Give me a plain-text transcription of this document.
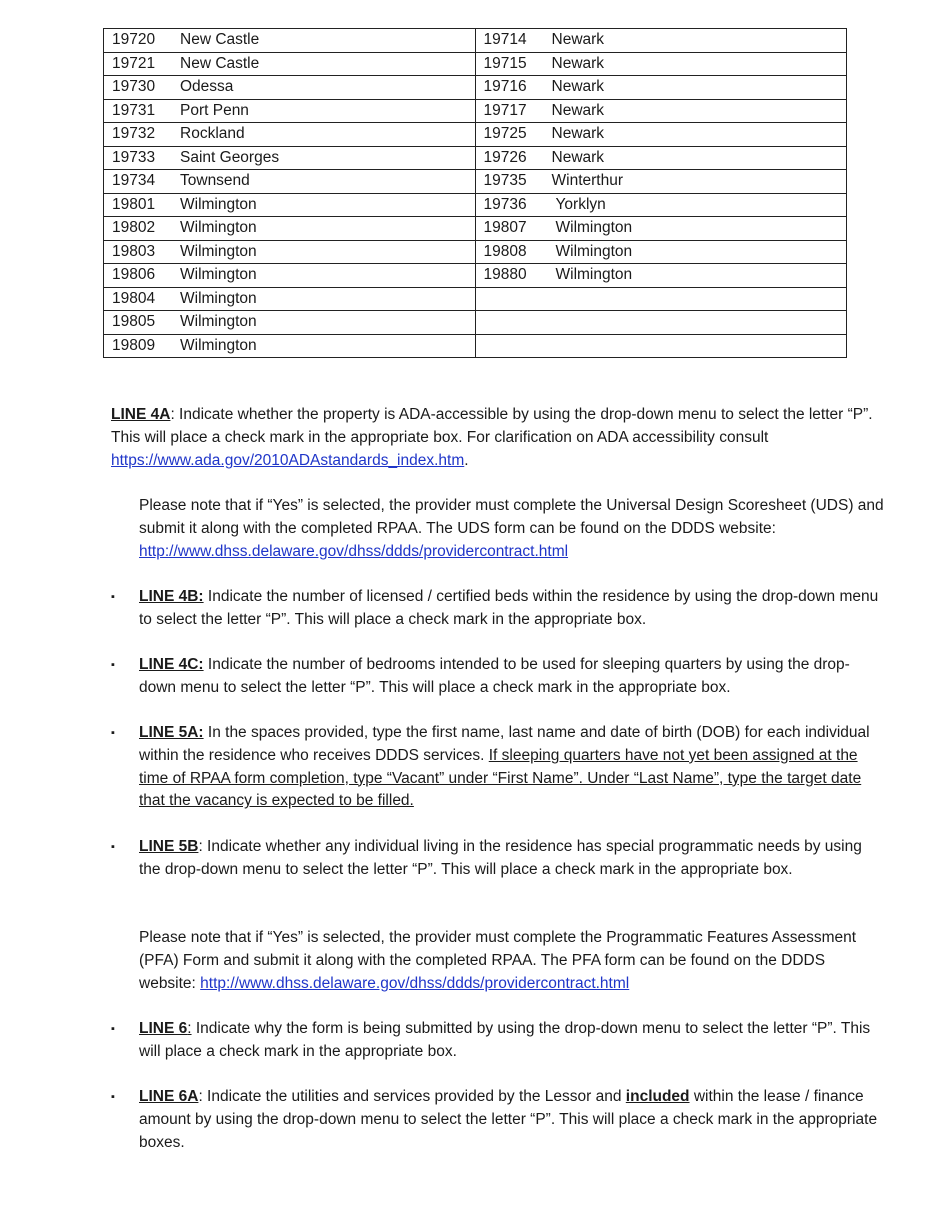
19720 New Castle	19714 Newark
19721 New Castle	19715 Newark
19730 Odessa	19716 Newark
19731 Port Penn	19717 Newark
19732 Rockland	19725 Newark
19733 Saint Georges	19726 Newark
19734 Townsend	19735 Winterthur
19801 Wilmington	19736 Yorklyn
19802 Wilmington	19807 Wilmington
19803 Wilmington	19808 Wilmington
19806 Wilmington	19880 Wilmington
19804 Wilmington	
19805 Wilmington	
19809 Wilmington	

LINE 4A: Indicate whether the property is ADA-accessible by using the drop-down menu to select the letter “P”. This will place a check mark in the appropriate box. For clarification on ADA accessibility consult https://www.ada.gov/2010ADAstandards_index.htm.

Please note that if “Yes” is selected, the provider must complete the Universal Design Scoresheet (UDS) and submit it along with the completed RPAA. The UDS form can be found on the DDDS website: http://www.dhss.delaware.gov/dhss/ddds/providercontract.html

▪ LINE 4B: Indicate the number of licensed / certified beds within the residence by using the drop-down menu to select the letter “P”. This will place a check mark in the appropriate box.

▪ LINE 4C: Indicate the number of bedrooms intended to be used for sleeping quarters by using the drop-down menu to select the letter “P”. This will place a check mark in the appropriate box.

▪ LINE 5A: In the spaces provided, type the first name, last name and date of birth (DOB) for each individual within the residence who receives DDDS services. If sleeping quarters have not yet been assigned at the time of RPAA form completion, type “Vacant” under “First Name”. Under “Last Name”, type the target date that the vacancy is expected to be filled.

▪ LINE 5B: Indicate whether any individual living in the residence has special programmatic needs by using the drop-down menu to select the letter “P”. This will place a check mark in the appropriate box.

Please note that if “Yes” is selected, the provider must complete the Programmatic Features Assessment (PFA) Form and submit it along with the completed RPAA. The PFA form can be found on the DDDS website: http://www.dhss.delaware.gov/dhss/ddds/providercontract.html

▪ LINE 6: Indicate why the form is being submitted by using the drop-down menu to select the letter “P”. This will place a check mark in the appropriate box.

▪ LINE 6A: Indicate the utilities and services provided by the Lessor and included within the lease / finance amount by using the drop-down menu to select the letter “P”. This will place a check mark in the appropriate boxes.
